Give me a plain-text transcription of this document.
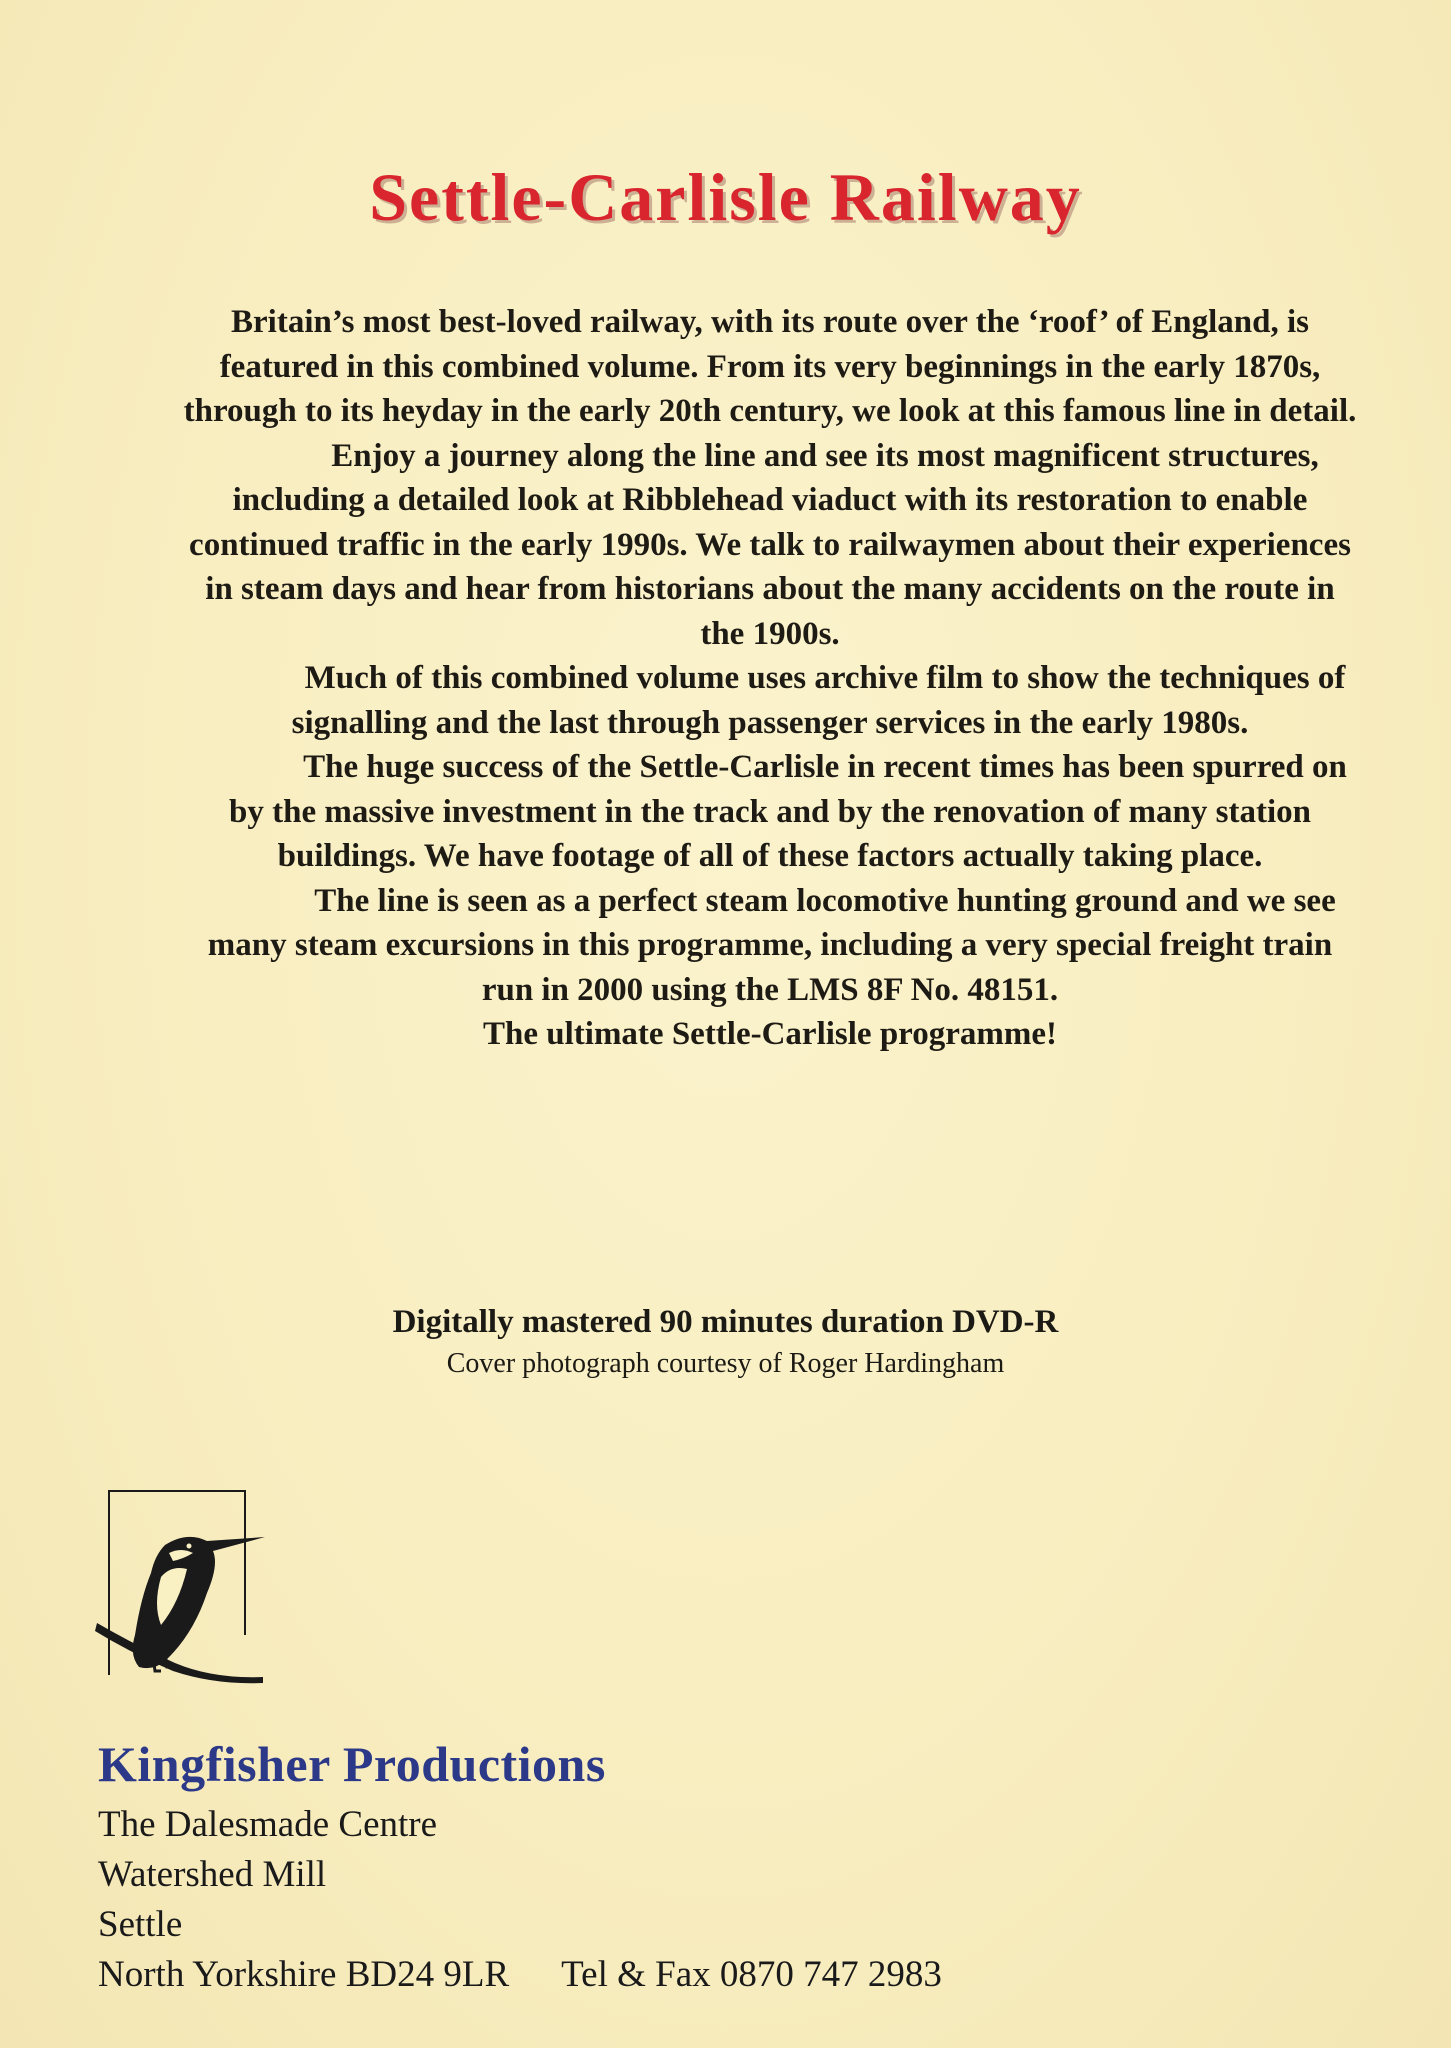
Settle-Carlisle Railway

Britain’s most best-loved railway, with its route over the ‘roof’ of England, is featured in this combined volume. From its very beginnings in the early 1870s, through to its heyday in the early 20th century, we look at this famous line in detail.

Enjoy a journey along the line and see its most magnificent structures, including a detailed look at Ribblehead viaduct with its restoration to enable continued traffic in the early 1990s. We talk to railwaymen about their experiences in steam days and hear from historians about the many accidents on the route in the 1900s.

Much of this combined volume uses archive film to show the techniques of signalling and the last through passenger services in the early 1980s.

The huge success of the Settle-Carlisle in recent times has been spurred on by the massive investment in the track and by the renovation of many station buildings. We have footage of all of these factors actually taking place.

The line is seen as a perfect steam locomotive hunting ground and we see many steam excursions in this programme, including a very special freight train run in 2000 using the LMS 8F No. 48151.

The ultimate Settle-Carlisle programme!

Digitally mastered 90 minutes duration DVD-R
Cover photograph courtesy of Roger Hardingham
Kingfisher Productions
The Dalesmade Centre
Watershed Mill
Settle
North Yorkshire BD24 9LR Tel & Fax 0870 747 2983
